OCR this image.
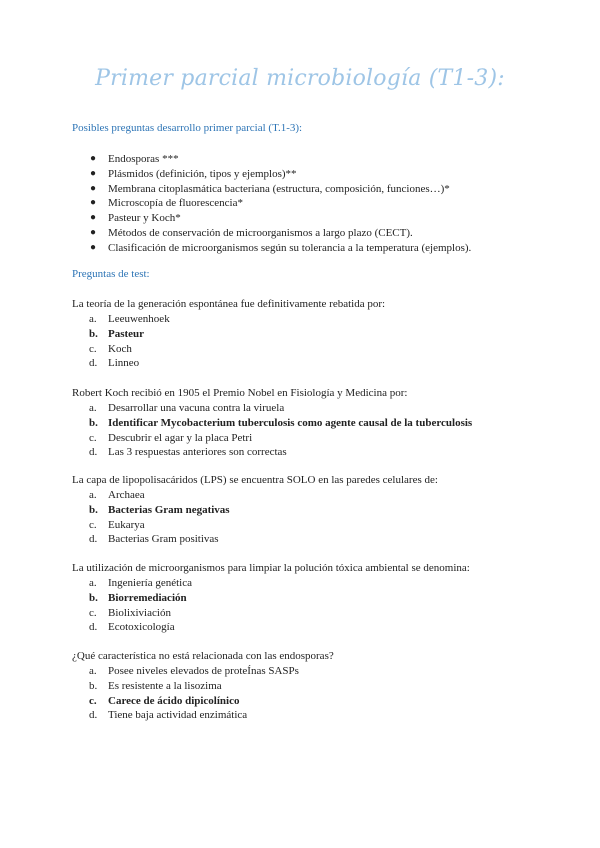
Primer parcial microbiología (T1-3):
Posibles preguntas desarrollo primer parcial (T.1-3):
● Endosporas ***
● Plásmidos (definición, tipos y ejemplos)**
● Membrana citoplasmática bacteriana (estructura, composición, funciones…)*
● Microscopía de fluorescencia*
● Pasteur y Koch*
● Métodos de conservación de microorganismos a largo plazo (CECT).
● Clasificación de microorganismos según su tolerancia a la temperatura (ejemplos).
Preguntas de test:
La teoría de la generación espontánea fue definitivamente rebatida por:
a. Leeuwenhoek
b. Pasteur
c. Koch
d. Linneo
Robert Koch recibió en 1905 el Premio Nobel en Fisiología y Medicina por:
a. Desarrollar una vacuna contra la viruela
b. Identificar Mycobacterium tuberculosis como agente causal de la tuberculosis
c. Descubrir el agar y la placa Petri
d. Las 3 respuestas anteriores son correctas
La capa de lipopolisacáridos (LPS) se encuentra SOLO en las paredes celulares de:
a. Archaea
b. Bacterias Gram negativas
c. Eukarya
d. Bacterias Gram positivas
La utilización de microorganismos para limpiar la polución tóxica ambiental se denomina:
a. Ingeniería genética
b. Biorremediación
c. Biolixiviación
d. Ecotoxicología
¿Qué característica no está relacionada con las endosporas?
a. Posee niveles elevados de proteÍnas SASPs
b. Es resistente a la lisozima
c. Carece de ácido dipicolínico
d. Tiene baja actividad enzimática
